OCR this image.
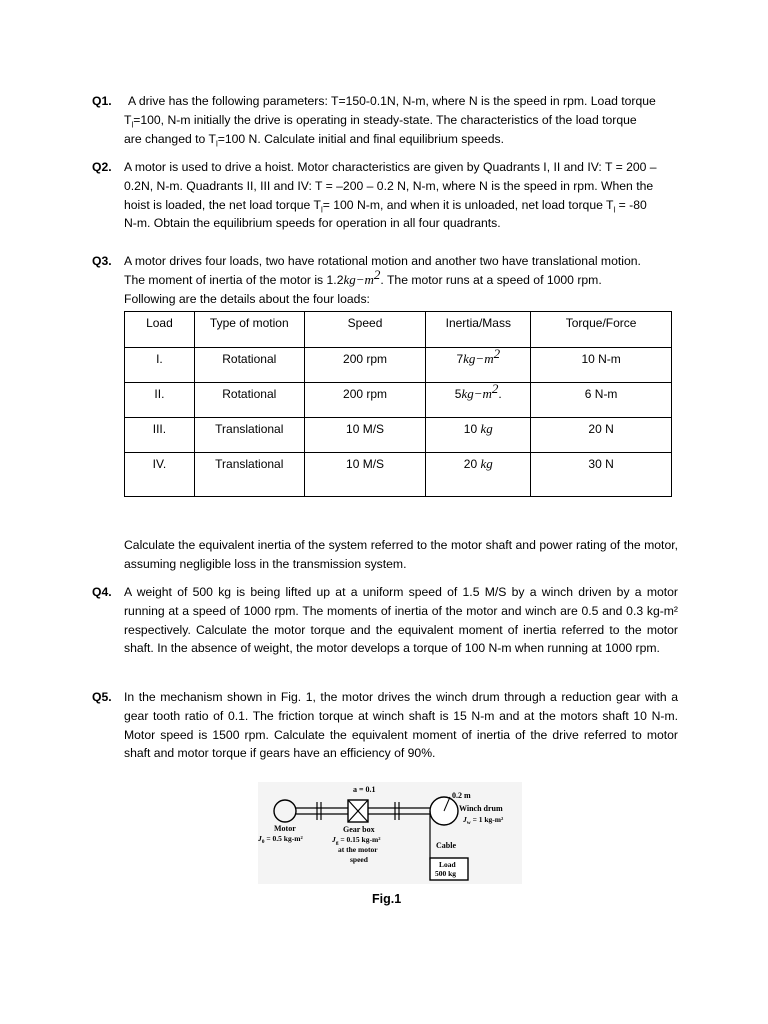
Q1. A drive has the following parameters: T=150-0.1N, N-m, where N is the speed in rpm. Load torque

$T_l=100$, N-m initially the drive is operating in steady-state. The characteristics of the load torque

are changed to $T_l=100$ N. Calculate initial and final equilibrium speeds.

Q2. A motor is used to drive a hoist. Motor characteristics are given by Quadrants I, II and IV: T = 200 –

0.2N, N-m. Quadrants II, III and IV: T = –200 – 0.2 N, N-m, where N is the speed in rpm. When the

hoist is loaded, the net load torque $T_l= 100$ N-m, and when it is unloaded, net load torque $T_l = -80$

N-m. Obtain the equilibrium speeds for operation in all four quadrants.

Q3. A motor drives four loads, two have rotational motion and another two have translational motion.

The moment of inertia of the motor is $1.2kg-m^2$. The motor runs at a speed of 1000 rpm.

Following are the details about the four loads:

Load	Type of motion	Speed	Inertia/Mass	Torque/Force
I.	Rotational	200 rpm	$7kg-m^2$	10 N-m
II.	Rotational	200 rpm	$5kg-m^2$.	6 N-m
III.	Translational	10 M/S	10 kg	20 N
IV.	Translational	10 M/S	20 kg	30 N
Calculate the equivalent inertia of the system referred to the motor shaft and power rating of the motor, assuming negligible loss in the transmission system.
Q4. A weight of 500 kg is being lifted up at a uniform speed of 1.5 M/S by a winch driven by a motor running at a speed of 1000 rpm. The moments of inertia of the motor and winch are 0.5 and 0.3 kg-m² respectively. Calculate the motor torque and the equivalent moment of inertia referred to the motor shaft. In the absence of weight, the motor develops a torque of 100 N-m when running at 1000 rpm.
Q5. In the mechanism shown in Fig. 1, the motor drives the winch drum through a reduction gear with a gear tooth ratio of 0.1. The friction torque at winch shaft is 15 N-m and at the motors shaft 10 N-m. Motor speed is 1500 rpm. Calculate the equivalent moment of inertia of the drive referred to motor shaft and motor torque if gears have an efficiency of 90%.
a = 0.1
0.2 m
Winch drum
$J_w = 1$ kg-m²
Motor
$J_0 = 0.5$ kg-m²
Gear box
$J_g = 0.15$ kg-m²
at the motor
speed
Cable
Load
500 kg
Fig.1
